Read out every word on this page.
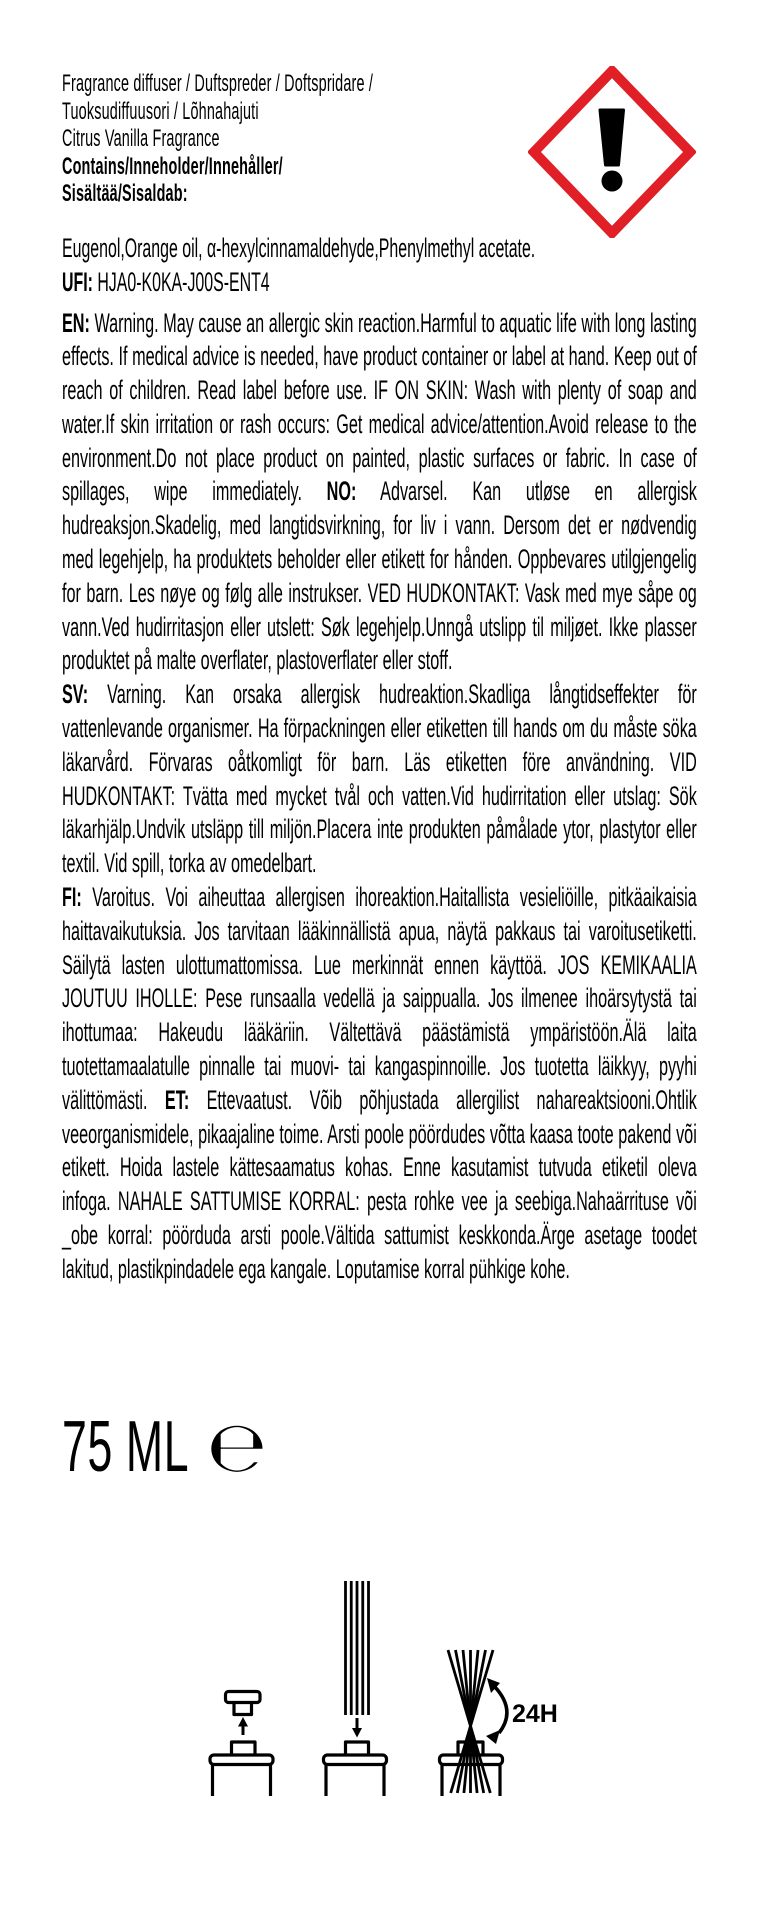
Fragrance diffuser / Duftspreder / Doftspridare /
Tuoksudiffuusori / Lõhnahajuti
Citrus Vanilla Fragrance
Contains/Inneholder/Innehåller/
Sisältää/Sisaldab:

Eugenol,Orange oil, α-hexylcinnamaldehyde,Phenylmethyl acetate.

UFI: HJA0-K0KA-J00S-ENT4

EN: Warning. May cause an allergic skin reaction.Harmful to aquatic life with long lasting effects. If medical advice is needed, have product container or label at hand. Keep out of reach of children. Read label before use. IF ON SKIN: Wash with plenty of soap and water.If skin irritation or rash occurs: Get medical advice/attention.Avoid release to the environment.Do not place product on painted, plastic surfaces or fabric. In case of spillages, wipe immediately. NO: Advarsel. Kan utløse en allergisk hudreaksjon.Skadelig, med langtidsvirkning, for liv i vann. Dersom det er nødvendig med legehjelp, ha produktets beholder eller etikett for hånden. Oppbevares utilgjengelig for barn. Les nøye og følg alle instrukser. VED HUDKONTAKT: Vask med mye såpe og vann.Ved hudirritasjon eller utslett: Søk legehjelp.Unngå utslipp til miljøet. Ikke plasser produktet på malte overflater, plastoverflater eller stoff.

SV: Varning. Kan orsaka allergisk hudreaktion.Skadliga långtidseffekter för vattenlevande organismer. Ha förpackningen eller etiketten till hands om du måste söka läkarvård. Förvaras oåtkomligt för barn. Läs etiketten före användning. VID HUDKONTAKT: Tvätta med mycket tvål och vatten.Vid hudirritation eller utslag: Sök läkarhjälp.Undvik utsläpp till miljön.Placera inte produkten påmålade ytor, plastytor eller textil. Vid spill, torka av omedelbart.

FI: Varoitus. Voi aiheuttaa allergisen ihoreaktion.Haitallista vesieliöille, pitkäaikaisia haittavaikutuksia. Jos tarvitaan lääkinnällistä apua, näytä pakkaus tai varoitusetiketti. Säilytä lasten ulottumattomissa. Lue merkinnät ennen käyttöä. JOS KEMIKAALIA JOUTUU IHOLLE: Pese runsaalla vedellä ja saippualla. Jos ilmenee ihoärsytystä tai ihottumaa: Hakeudu lääkäriin. Vältettävä päästämistä ympäristöön.Älä laita tuotettamaalatulle pinnalle tai muovi- tai kangaspinnoille. Jos tuotetta läikkyy, pyyhi välittömästi. ET: Ettevaatust. Võib põhjustada allergilist nahareaktsiooni.Ohtlik veeorganismidele, pikaajaline toime. Arsti poole pöördudes võtta kaasa toote pakend või etikett. Hoida lastele kättesaamatus kohas. Enne kasutamist tutvuda etiketil oleva infoga. NAHALE SATTUMISE KORRAL: pesta rohke vee ja seebiga.Nahaärrituse või _obe korral: pöörduda arsti poole.Vältida sattumist keskkonda.Ärge asetage toodet lakitud, plastikpindadele ega kangale. Loputamise korral pühkige kohe.

75 ML ℮
24H
